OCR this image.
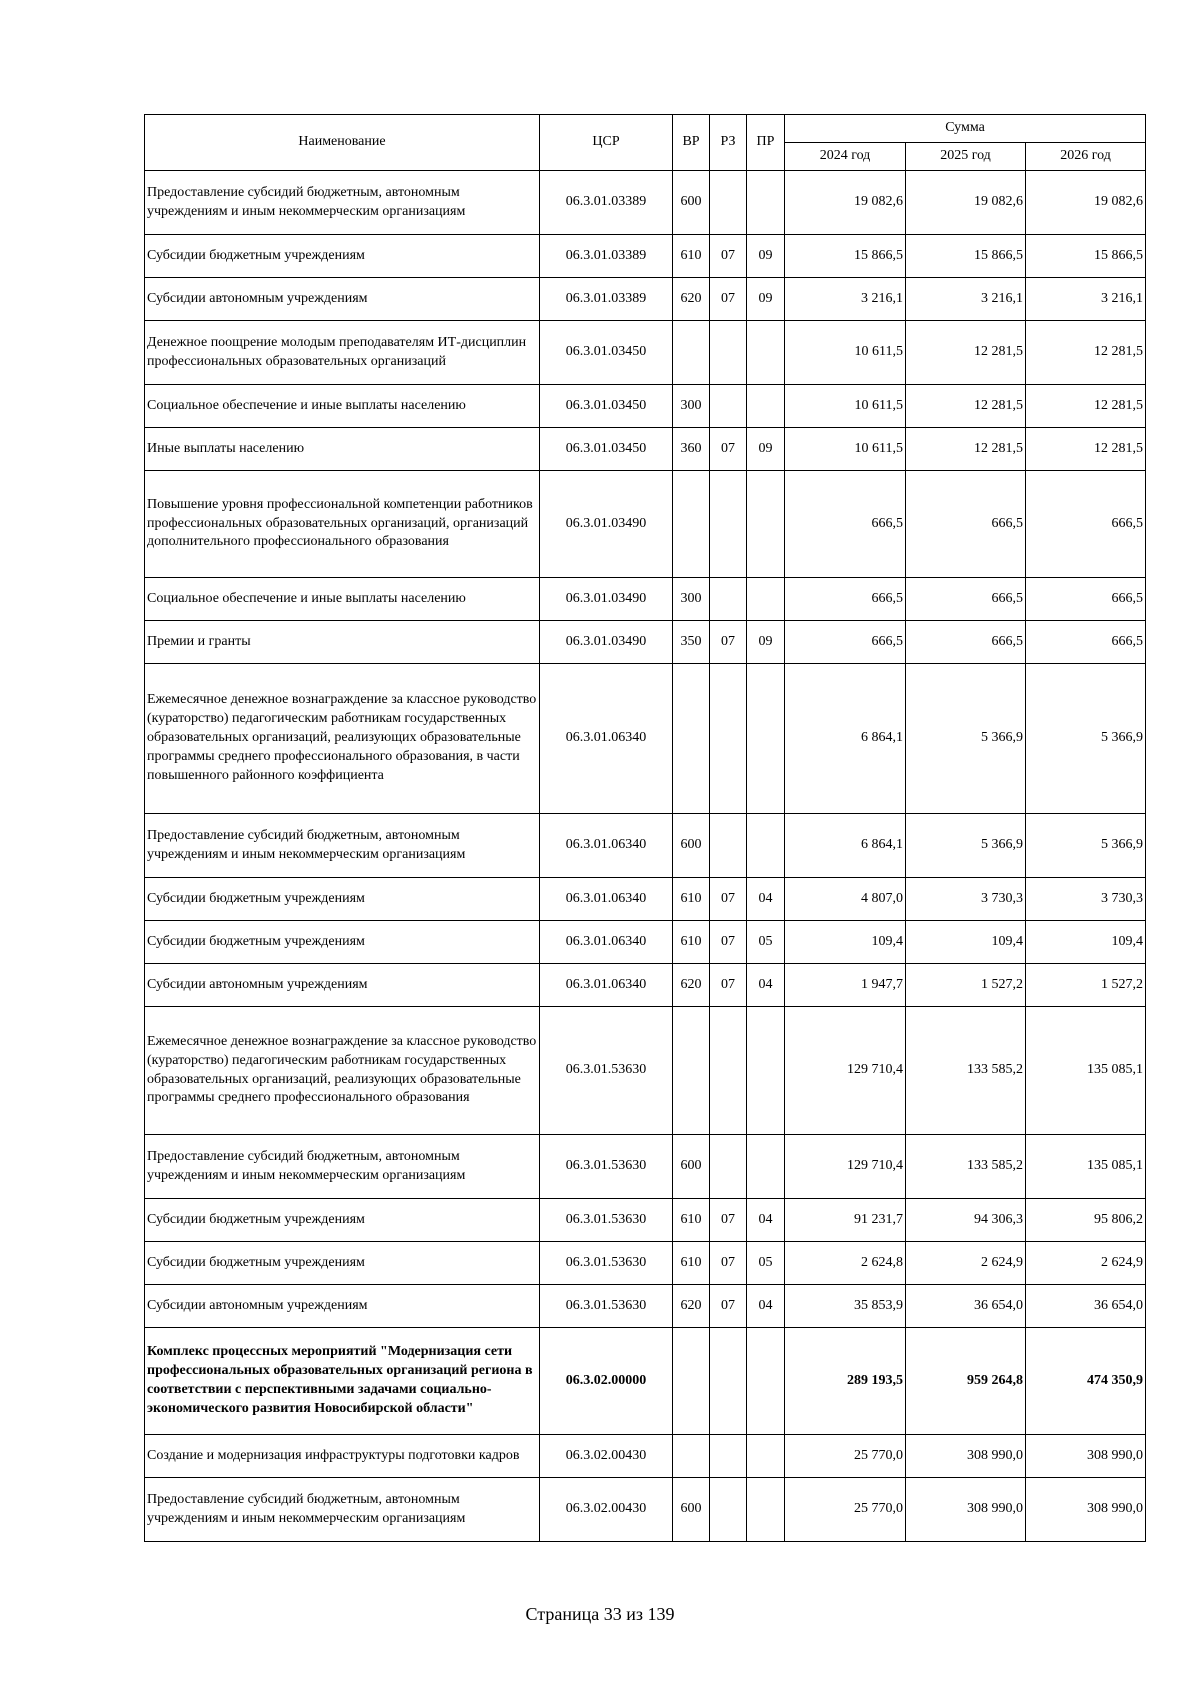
Наименование	ЦСР	ВР	РЗ	ПР	Сумма		
					2024 год	2025 год	2026 год
Предоставление субсидий бюджетным, автономным учреждениям и иным некоммерческим организациям	06.3.01.03389	600			19 082,6	19 082,6	19 082,6
Субсидии бюджетным учреждениям	06.3.01.03389	610	07	09	15 866,5	15 866,5	15 866,5
Субсидии автономным учреждениям	06.3.01.03389	620	07	09	3 216,1	3 216,1	3 216,1
Денежное поощрение молодым преподавателям ИТ-дисциплин профессиональных образовательных организаций	06.3.01.03450				10 611,5	12 281,5	12 281,5
Социальное обеспечение и иные выплаты населению	06.3.01.03450	300			10 611,5	12 281,5	12 281,5
Иные выплаты населению	06.3.01.03450	360	07	09	10 611,5	12 281,5	12 281,5
Повышение уровня профессиональной компетенции работников профессиональных образовательных организаций, организаций дополнительного профессионального образования	06.3.01.03490				666,5	666,5	666,5
Социальное обеспечение и иные выплаты населению	06.3.01.03490	300			666,5	666,5	666,5
Премии и гранты	06.3.01.03490	350	07	09	666,5	666,5	666,5
Ежемесячное денежное вознаграждение за классное руководство (кураторство) педагогическим работникам государственных образовательных организаций, реализующих образовательные программы среднего профессионального образования, в части повышенного районного коэффициента	06.3.01.06340				6 864,1	5 366,9	5 366,9
Предоставление субсидий бюджетным, автономным учреждениям и иным некоммерческим организациям	06.3.01.06340	600			6 864,1	5 366,9	5 366,9
Субсидии бюджетным учреждениям	06.3.01.06340	610	07	04	4 807,0	3 730,3	3 730,3
Субсидии бюджетным учреждениям	06.3.01.06340	610	07	05	109,4	109,4	109,4
Субсидии автономным учреждениям	06.3.01.06340	620	07	04	1 947,7	1 527,2	1 527,2
Ежемесячное денежное вознаграждение за классное руководство (кураторство) педагогическим работникам государственных образовательных организаций, реализующих образовательные программы среднего профессионального образования	06.3.01.53630				129 710,4	133 585,2	135 085,1
Предоставление субсидий бюджетным, автономным учреждениям и иным некоммерческим организациям	06.3.01.53630	600			129 710,4	133 585,2	135 085,1
Субсидии бюджетным учреждениям	06.3.01.53630	610	07	04	91 231,7	94 306,3	95 806,2
Субсидии бюджетным учреждениям	06.3.01.53630	610	07	05	2 624,8	2 624,9	2 624,9
Субсидии автономным учреждениям	06.3.01.53630	620	07	04	35 853,9	36 654,0	36 654,0
Комплекс процессных мероприятий "Модернизация сети профессиональных образовательных организаций региона в соответствии с перспективными задачами социально-экономического развития Новосибирской области"	06.3.02.00000				289 193,5	959 264,8	474 350,9
Создание и модернизация инфраструктуры подготовки кадров	06.3.02.00430				25 770,0	308 990,0	308 990,0
Предоставление субсидий бюджетным, автономным учреждениям и иным некоммерческим организациям	06.3.02.00430	600			25 770,0	308 990,0	308 990,0
Страница 33 из 139
